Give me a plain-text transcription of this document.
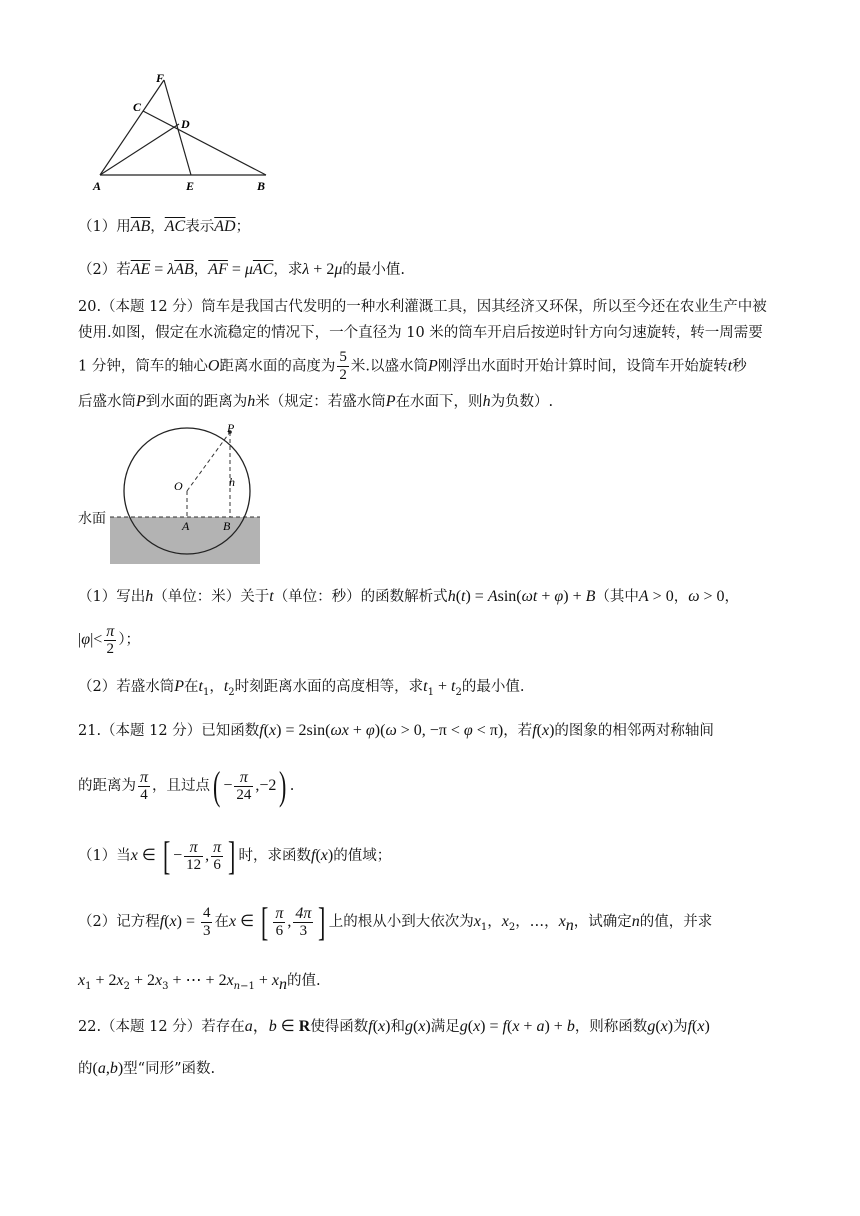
F
C
D
A	E	B
（1）用$\overline{AB}$，$\overline{AC}$表示$\overline{AD}$；
（2）若$\overline{AE} = \lambda\overline{AB}$，$\overline{AF} = \mu\overline{AC}$，求λ + 2μ的最小值.
20.（本题 12 分）筒车是我国古代发明的一种水利灌溉工具，因其经济又环保，所以至今还在农业生产中被
使用.如图，假定在水流稳定的情况下，一个直径为 10 米的筒车开启后按逆时针方向匀速旋转，转一周需要
1 分钟，筒车的轴心O距离水面的高度为 $\frac{5}{2}$ 米.以盛水筒P刚浮出水面时开始计算时间，设筒车开始旋转t秒
后盛水筒P到水面的距离为h米（规定：若盛水筒P在水面下，则h为负数）.
水面
P
O	h
A	B
（1）写出h（单位：米）关于t（单位：秒）的函数解析式h(t) = Asin(ωt + φ) + B（其中A > 0，ω > 0，
$|\varphi|< \frac{\pi}{2}$ ）；
（2）若盛水筒P在$t_1$，$t_2$时刻距离水面的高度相等，求$t_1 + t_2$的最小值.
21.（本题 12 分）已知函数f(x) = 2sin(ωx + φ)(ω > 0, −π < φ < π)，若f(x)的图象的相邻两对称轴间
的距离为 $\frac{\pi}{4}$ ，且过点( − $\frac{\pi}{24} ,-2$) .
（1）当x ∈ [ − $\frac{\pi}{12}$ , $\frac{\pi}{6}$ ] 时，求函数f(x)的值域；
（2）记方程$f(x) = \frac{4}{3}$ 在x ∈ [ $\frac{\pi}{6}$ , $\frac{4\pi}{3}$ ] 上的根从小到大依次为$x_1$，$x_2$，…，$x_n$，试确定n的值，并求
$x_1 + 2x_2 + 2x_3$ + ⋯ + $2x_{n-1} + x_n$的值.
22.（本题 12 分）若存在a，b ∈ R使得函数f(x)和g(x)满足g(x) = f(x + a) + b，则称函数g(x)为f(x)
的(a,b)型“同形”函数.
